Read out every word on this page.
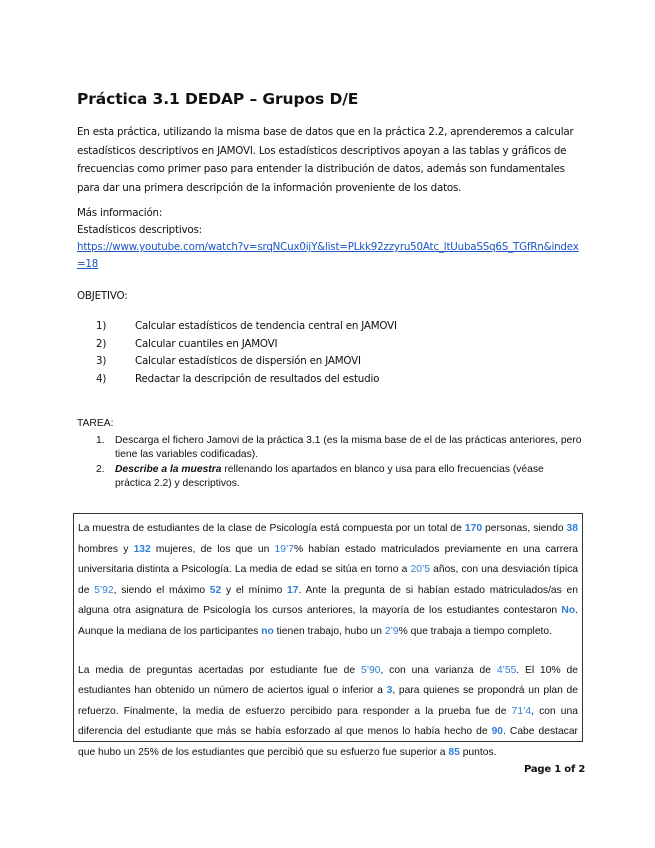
Práctica 3.1 DEDAP – Grupos D/E

En esta práctica, utilizando la misma base de datos que en la práctica 2.2, aprenderemos a calcular estadísticos descriptivos en JAMOVI. Los estadísticos descriptivos apoyan a las tablas y gráficos de frecuencias como primer paso para entender la distribución de datos, además son fundamentales para dar una primera descripción de la información proveniente de los datos.

Más información:
Estadísticos descriptivos:
https://www.youtube.com/watch?v=srqNCux0ijY&list=PLkk92zzyru50Atc_ltUubaSSq6S_TGfRn&index=18
OBJETIVO:
1)	Calcular estadísticos de tendencia central en JAMOVI
2)	Calcular cuantiles en JAMOVI
3)	Calcular estadísticos de dispersión en JAMOVI
4)	Redactar la descripción de resultados del estudio
TAREA:
1.	Descarga el fichero Jamovi de la práctica 3.1 (es la misma base de el de las prácticas anteriores, pero tiene las variables codificadas).
2.	Describe a la muestra rellenando los apartados en blanco y usa para ello frecuencias (véase práctica 2.2) y descriptivos.

La muestra de estudiantes de la clase de Psicología está compuesta por un total de 170 personas, siendo 38 hombres y 132 mujeres, de los que un 19’7% habían estado matriculados previamente en una carrera universitaria distinta a Psicología. La media de edad se sitúa en torno a 20’5 años, con una desviación típica de 5’92, siendo el máximo 52 y el mínimo 17. Ante la pregunta de si habían estado matriculados/as en alguna otra asignatura de Psicología los cursos anteriores, la mayoría de los estudiantes contestaron No. Aunque la mediana de los participantes no tienen trabajo, hubo un 2’9% que trabaja a tiempo completo.

La media de preguntas acertadas por estudiante fue de 5’90, con una varianza de 4’55. El 10% de estudiantes han obtenido un número de aciertos igual o inferior a 3, para quienes se propondrá un plan de refuerzo. Finalmente, la media de esfuerzo percibido para responder a la prueba fue de 71’4, con una diferencia del estudiante que más se había esforzado al que menos lo había hecho de 90. Cabe destacar que hubo un 25% de los estudiantes que percibió que su esfuerzo fue superior a 85 puntos.

Page 1 of 2
